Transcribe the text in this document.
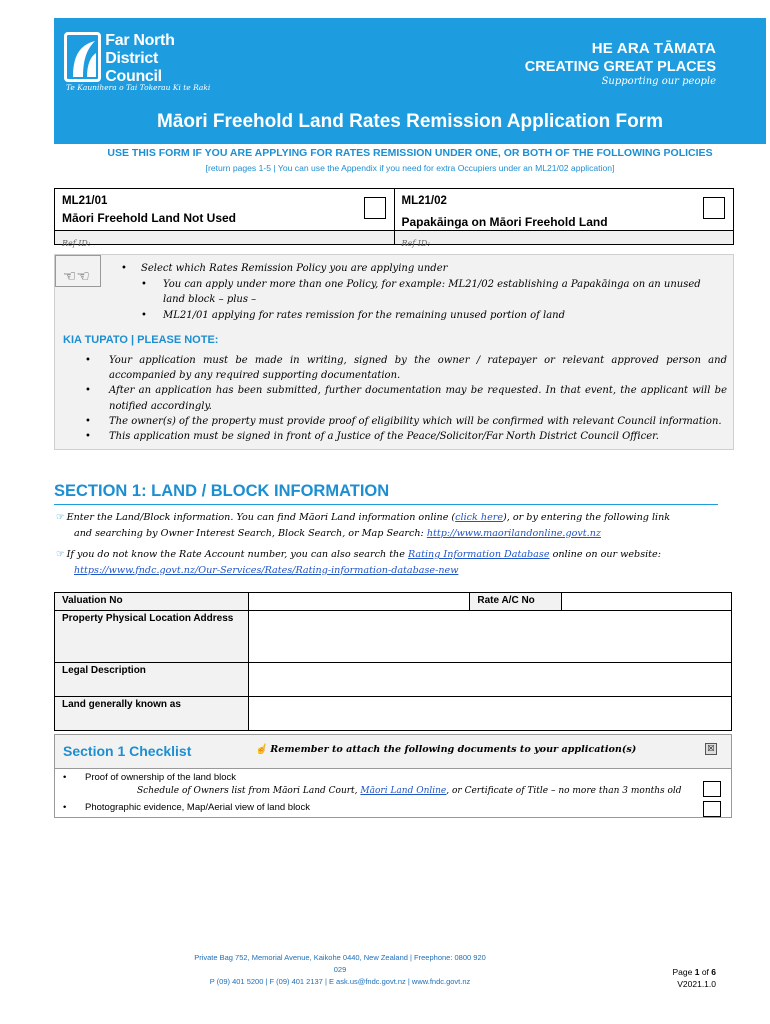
Far North
District Council
Te Kaunihera o Tai Tokerau Ki te Raki
HE ARA TĀMATA
CREATING GREAT PLACES
Supporting our people
Māori Freehold Land Rates Remission Application Form
USE THIS FORM IF YOU ARE APPLYING FOR RATES REMISSION UNDER ONE, OR BOTH OF THE FOLLOWING POLICIES
[return pages 1-5 | You can use the Appendix if you need for extra Occupiers under an ML21/02 application]
ML21/01
Māori Freehold Land Not Used
Ref ID:
ML21/02
Papakāinga on Māori Freehold Land
Ref ID:
☜☜	• Select which Rates Remission Policy you are applying under
• You can apply under more than one Policy, for example: ML21/02 establishing a Papakāinga on an unused
land block – plus –
• ML21/01 applying for rates remission for the remaining unused portion of land
KIA TUPATO | PLEASE NOTE:
• Your application must be made in writing, signed by the owner / ratepayer or relevant approved person and accompanied by any required supporting documentation.
• After an application has been submitted, further documentation may be requested. In that event, the applicant will be notified accordingly.
• The owner(s) of the property must provide proof of eligibility which will be confirmed with relevant Council information.
• This application must be signed in front of a Justice of the Peace/Solicitor/Far North District Council Officer.
SECTION 1: LAND / BLOCK INFORMATION
☞ Enter the Land/Block information. You can find Māori Land information online (click here), or by entering the following link
and searching by Owner Interest Search, Block Search, or Map Search: http://www.maorilandonline.govt.nz
☞ If you do not know the Rate Account number, you can also search the Rating Information Database online on our website:
https://www.fndc.govt.nz/Our-Services/Rates/Rating-information-database-new
Valuation No		Rate A/C No	
Property Physical Location Address			
Legal Description			
Land generally known as			
Section 1 Checklist	☝ Remember to attach the following documents to your application(s)	☒
• Proof of ownership of the land block
Schedule of Owners list from Māori Land Court, Māori Land Online, or Certificate of Title – no more than 3 months old
• Photographic evidence, Map/Aerial view of land block
Private Bag 752, Memorial Avenue, Kaikohe 0440, New Zealand | Freephone: 0800 920 029
P (09) 401 5200 | F (09) 401 2137 | E ask.us@fndc.govt.nz | www.fndc.govt.nz
Page 1 of 6
V2021.1.0
